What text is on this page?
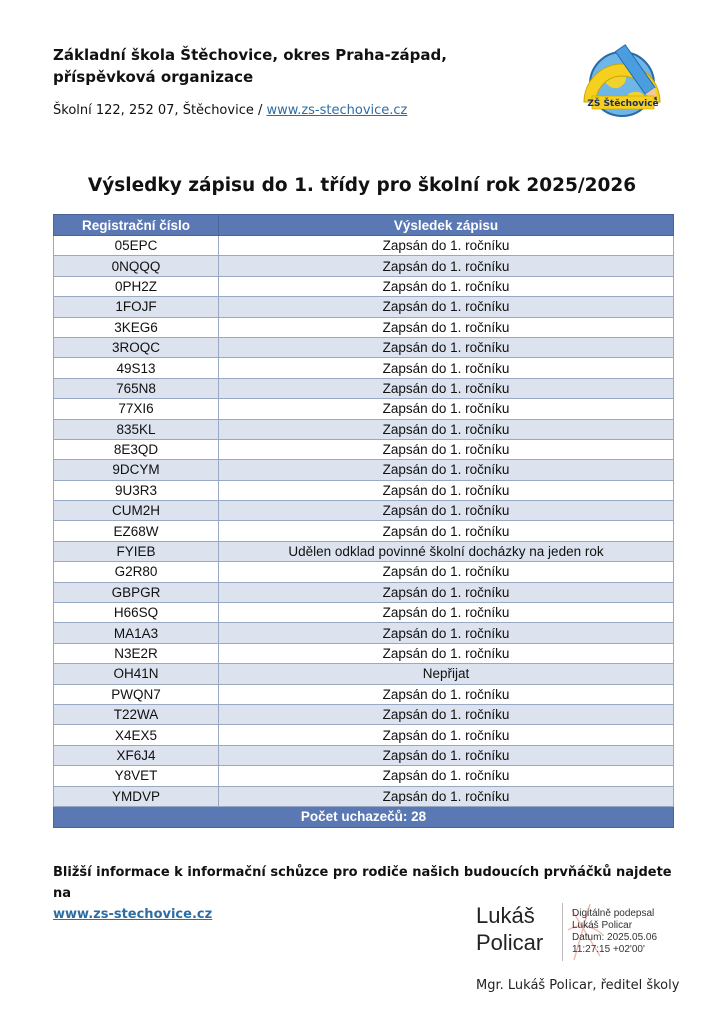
Základní škola Štěchovice, okres Praha-západ,
příspěvková organizace
Školní 122, 252 07, Štěchovice / www.zs-stechovice.cz	ZŠ Štěchovice
Výsledky zápisu do 1. třídy pro školní rok 2025/2026
Registrační číslo	Výsledek zápisu
05EPC	Zapsán do 1. ročníku
0NQQQ	Zapsán do 1. ročníku
0PH2Z	Zapsán do 1. ročníku
1FOJF	Zapsán do 1. ročníku
3KEG6	Zapsán do 1. ročníku
3ROQC	Zapsán do 1. ročníku
49S13	Zapsán do 1. ročníku
765N8	Zapsán do 1. ročníku
77XI6	Zapsán do 1. ročníku
835KL	Zapsán do 1. ročníku
8E3QD	Zapsán do 1. ročníku
9DCYM	Zapsán do 1. ročníku
9U3R3	Zapsán do 1. ročníku
CUM2H	Zapsán do 1. ročníku
EZ68W	Zapsán do 1. ročníku
FYIEB	Udělen odklad povinné školní docházky na jeden rok
G2R80	Zapsán do 1. ročníku
GBPGR	Zapsán do 1. ročníku
H66SQ	Zapsán do 1. ročníku
MA1A3	Zapsán do 1. ročníku
N3E2R	Zapsán do 1. ročníku
OH41N	Nepřijat
PWQN7	Zapsán do 1. ročníku
T22WA	Zapsán do 1. ročníku
X4EX5	Zapsán do 1. ročníku
XF6J4	Zapsán do 1. ročníku
Y8VET	Zapsán do 1. ročníku
YMDVP	Zapsán do 1. ročníku
Počet uchazečů: 28	
Bližší informace k informační schůzce pro rodiče našich budoucích prvňáčků najdete na
www.zs-stechovice.cz	Lukáš
Policar
Digitálně podepsal
Lukáš Policar
Datum: 2025.05.06
11:27:15 +02'00'
Mgr. Lukáš Policar, ředitel školy
